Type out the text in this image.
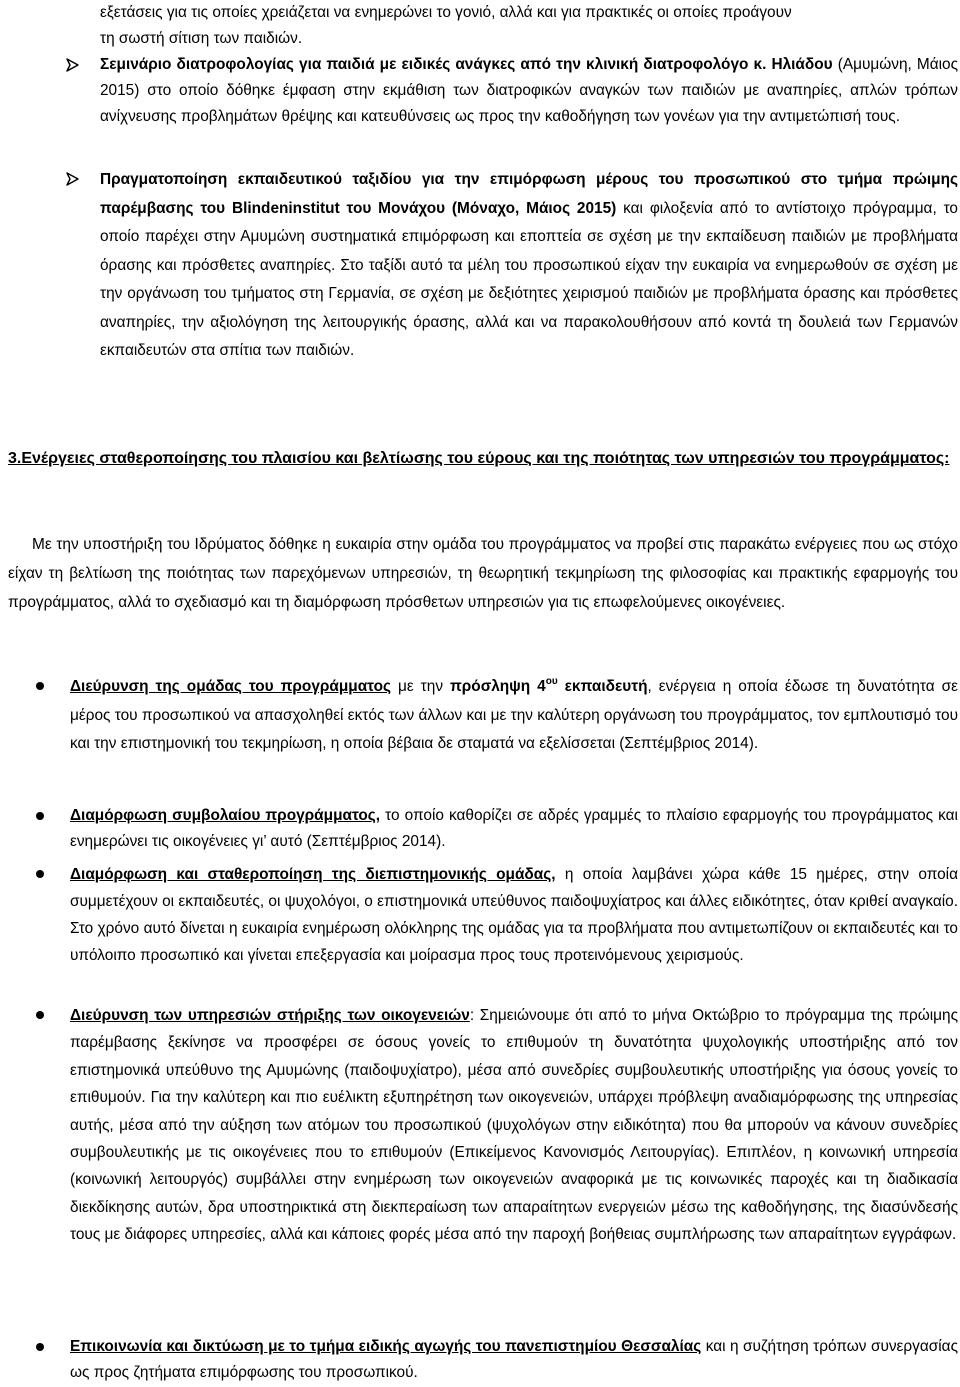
εξετάσεις για τις οποίες χρειάζεται να ενημερώνει το γονιό, αλλά και για πρακτικές οι οποίες προάγουν

τη σωστή σίτιση των παιδιών.

Σεμινάριο διατροφολογίας για παιδιά με ειδικές ανάγκες από την κλινική διατροφολόγο κ. Ηλιάδου (Αμυμώνη, Μάιος 2015) στο οποίο δόθηκε έμφαση στην εκμάθιση των διατροφικών αναγκών των παιδιών με αναπηρίες, απλών τρόπων ανίχνευσης προβλημάτων θρέψης και κατευθύνσεις ως προς την καθοδήγηση των γονέων για την αντιμετώπισή τους.

Πραγματοποίηση εκπαιδευτικού ταξιδίου για την επιμόρφωση μέρους του προσωπικού στο τμήμα πρώιμης παρέμβασης του Blindeninstitut του Μονάχου (Μόναχο, Μάιος 2015) και φιλοξενία από το αντίστοιχο πρόγραμμα, το οποίο παρέχει στην Αμυμώνη συστηματικά επιμόρφωση και εποπτεία σε σχέση με την εκπαίδευση παιδιών με προβλήματα όρασης και πρόσθετες αναπηρίες. Στο ταξίδι αυτό τα μέλη του προσωπικού είχαν την ευκαιρία να ενημερωθούν σε σχέση με την οργάνωση του τμήματος στη Γερμανία, σε σχέση με δεξιότητες χειρισμού παιδιών με προβλήματα όρασης και πρόσθετες αναπηρίες, την αξιολόγηση της λειτουργικής όρασης, αλλά και να παρακολουθήσουν από κοντά τη δουλειά των Γερμανών εκπαιδευτών στα σπίτια των παιδιών.

3.Ενέργειες σταθεροποίησης του πλαισίου και βελτίωσης του εύρους και της ποιότητας των υπηρεσιών του προγράμματος:

Με την υποστήριξη του Ιδρύματος δόθηκε η ευκαιρία στην ομάδα του προγράμματος να προβεί στις παρακάτω ενέργειες που ως στόχο είχαν τη βελτίωση της ποιότητας των παρεχόμενων υπηρεσιών, τη θεωρητική τεκμηρίωση της φιλοσοφίας και πρακτικής εφαρμογής του προγράμματος, αλλά το σχεδιασμό και τη διαμόρφωση πρόσθετων υπηρεσιών για τις επωφελούμενες οικογένειες.

Διεύρυνση της ομάδας του προγράμματος με την πρόσληψη $4^{o\upsilon}$ εκπαιδευτή, ενέργεια η οποία έδωσε τη δυνατότητα σε μέρος του προσωπικού να απασχοληθεί εκτός των άλλων και με την καλύτερη οργάνωση του προγράμματος, τον εμπλουτισμό του και την επιστημονική του τεκμηρίωση, η οποία βέβαια δε σταματά να εξελίσσεται (Σεπτέμβριος 2014).

Διαμόρφωση συμβολαίου προγράμματος, το οποίο καθορίζει σε αδρές γραμμές το πλαίσιο εφαρμογής του προγράμματος και ενημερώνει τις οικογένειες γι’ αυτό (Σεπτέμβριος 2014).

Διαμόρφωση και σταθεροποίηση της διεπιστημονικής ομάδας, η οποία λαμβάνει χώρα κάθε 15 ημέρες, στην οποία συμμετέχουν οι εκπαιδευτές, οι ψυχολόγοι, ο επιστημονικά υπεύθυνος παιδοψυχίατρος και άλλες ειδικότητες, όταν κριθεί αναγκαίο. Στο χρόνο αυτό δίνεται η ευκαιρία ενημέρωση ολόκληρης της ομάδας για τα προβλήματα που αντιμετωπίζουν οι εκπαιδευτές και το υπόλοιπο προσωπικό και γίνεται επεξεργασία και μοίρασμα προς τους προτεινόμενους χειρισμούς.

Διεύρυνση των υπηρεσιών στήριξης των οικογενειών: Σημειώνουμε ότι από το μήνα Οκτώβριο το πρόγραμμα της πρώιμης παρέμβασης ξεκίνησε να προσφέρει σε όσους γονείς το επιθυμούν τη δυνατότητα ψυχολογικής υποστήριξης από τον επιστημονικά υπεύθυνο της Αμυμώνης (παιδοψυχίατρο), μέσα από συνεδρίες συμβουλευτικής υποστήριξης για όσους γονείς το επιθυμούν. Για την καλύτερη και πιο ευέλικτη εξυπηρέτηση των οικογενειών, υπάρχει πρόβλεψη αναδιαμόρφωσης της υπηρεσίας αυτής, μέσα από την αύξηση των ατόμων του προσωπικού (ψυχολόγων στην ειδικότητα) που θα μπορούν να κάνουν συνεδρίες συμβουλευτικής με τις οικογένειες που το επιθυμούν (Επικείμενος Κανονισμός Λειτουργίας). Επιπλέον, η κοινωνική υπηρεσία (κοινωνική λειτουργός) συμβάλλει στην ενημέρωση των οικογενειών αναφορικά με τις κοινωνικές παροχές και τη διαδικασία διεκδίκησης αυτών, δρα υποστηρικτικά στη διεκπεραίωση των απαραίτητων ενεργειών μέσω της καθοδήγησης, της διασύνδεσής τους με διάφορες υπηρεσίες, αλλά και κάποιες φορές μέσα από την παροχή βοήθειας συμπλήρωσης των απαραίτητων εγγράφων.

Επικοινωνία και δικτύωση με το τμήμα ειδικής αγωγής του πανεπιστημίου Θεσσαλίας και η συζήτηση τρόπων συνεργασίας ως προς ζητήματα επιμόρφωσης του προσωπικού.
